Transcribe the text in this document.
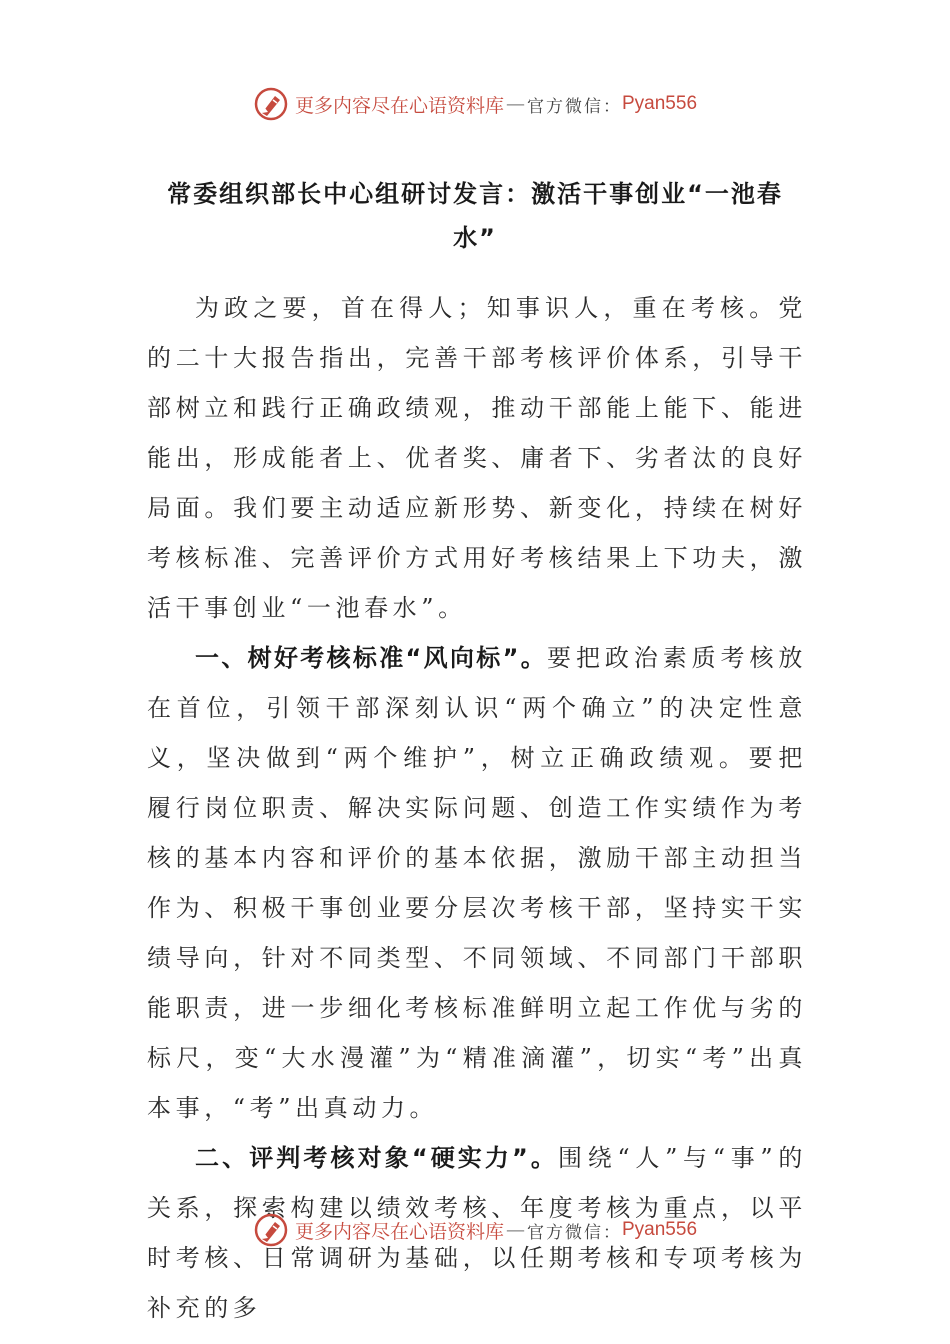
更多内容尽在心语资料库 — 官方微信： Pyan556
常委组织部长中心组研讨发言：激活干事创业“一池春水”

为政之要，首在得人；知事识人，重在考核。党的二十大报告指出，完善干部考核评价体系，引导干部树立和践行正确政绩观，推动干部能上能下、能进能出，形成能者上、优者奖、庸者下、劣者汰的良好局面。我们要主动适应新形势、新变化，持续在树好考核标准、完善评价方式用好考核结果上下功夫，激活干事创业“一池春水”。

一、树好考核标准“风向标”。要把政治素质考核放在首位，引领干部深刻认识“两个确立”的决定性意义，坚决做到“两个维护”，树立正确政绩观。要把履行岗位职责、解决实际问题、创造工作实绩作为考核的基本内容和评价的基本依据，激励干部主动担当作为、积极干事创业要分层次考核干部，坚持实干实绩导向，针对不同类型、不同领域、不同部门干部职能职责，进一步细化考核标准鲜明立起工作优与劣的标尺，变“大水漫灌”为“精准滴灌”，切实“考”出真本事，“考”出真动力。

二、评判考核对象“硬实力”。围绕“人”与“事”的关系，探索构建以绩效考核、年度考核为重点，以平时考核、日常调研为基础，以任期考核和专项考核为补充的多

更多内容尽在心语资料库 — 官方微信： Pyan556
